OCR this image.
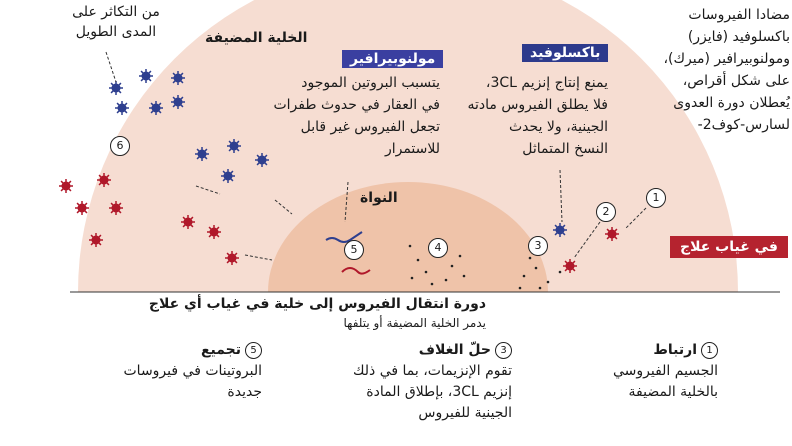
من التكاثر على
المدى الطويل	الخلية المضيفة
مولنوبيرافير
يتسبب البروتين الموجود
في العقار في حدوث طفرات
تجعل الفيروس غير قابل
للاستمرار
باكسلوفيد
يمنع إنتاج إنزيم 3CL،
فلا يطلق الفيروس مادته
الجينية، ولا يحدث
النسخ المتماثل
مضادا الفيروسات
باكسلوفيد (فايزر)
ومولنوبيرافير (ميرك)،
على شكل أقراص،
يُعطلان دورة العدوى
لسارس-كوف2-
النواة
في غياب علاج
1
2
3
4
5
6
دورة انتقال الفيروس إلى خلية في غياب أي علاج
يدمر الخلية المضيفة أو يتلفها
1ارتباط
الجسيم الفيروسي
بالخلية المضيفة
3حلّ الغلاف
تقوم الإنزيمات، بما في ذلك
إنزيم 3CL، بإطلاق المادة
الجينية للفيروس
5تجميع
البروتينات في فيروسات
جديدة
